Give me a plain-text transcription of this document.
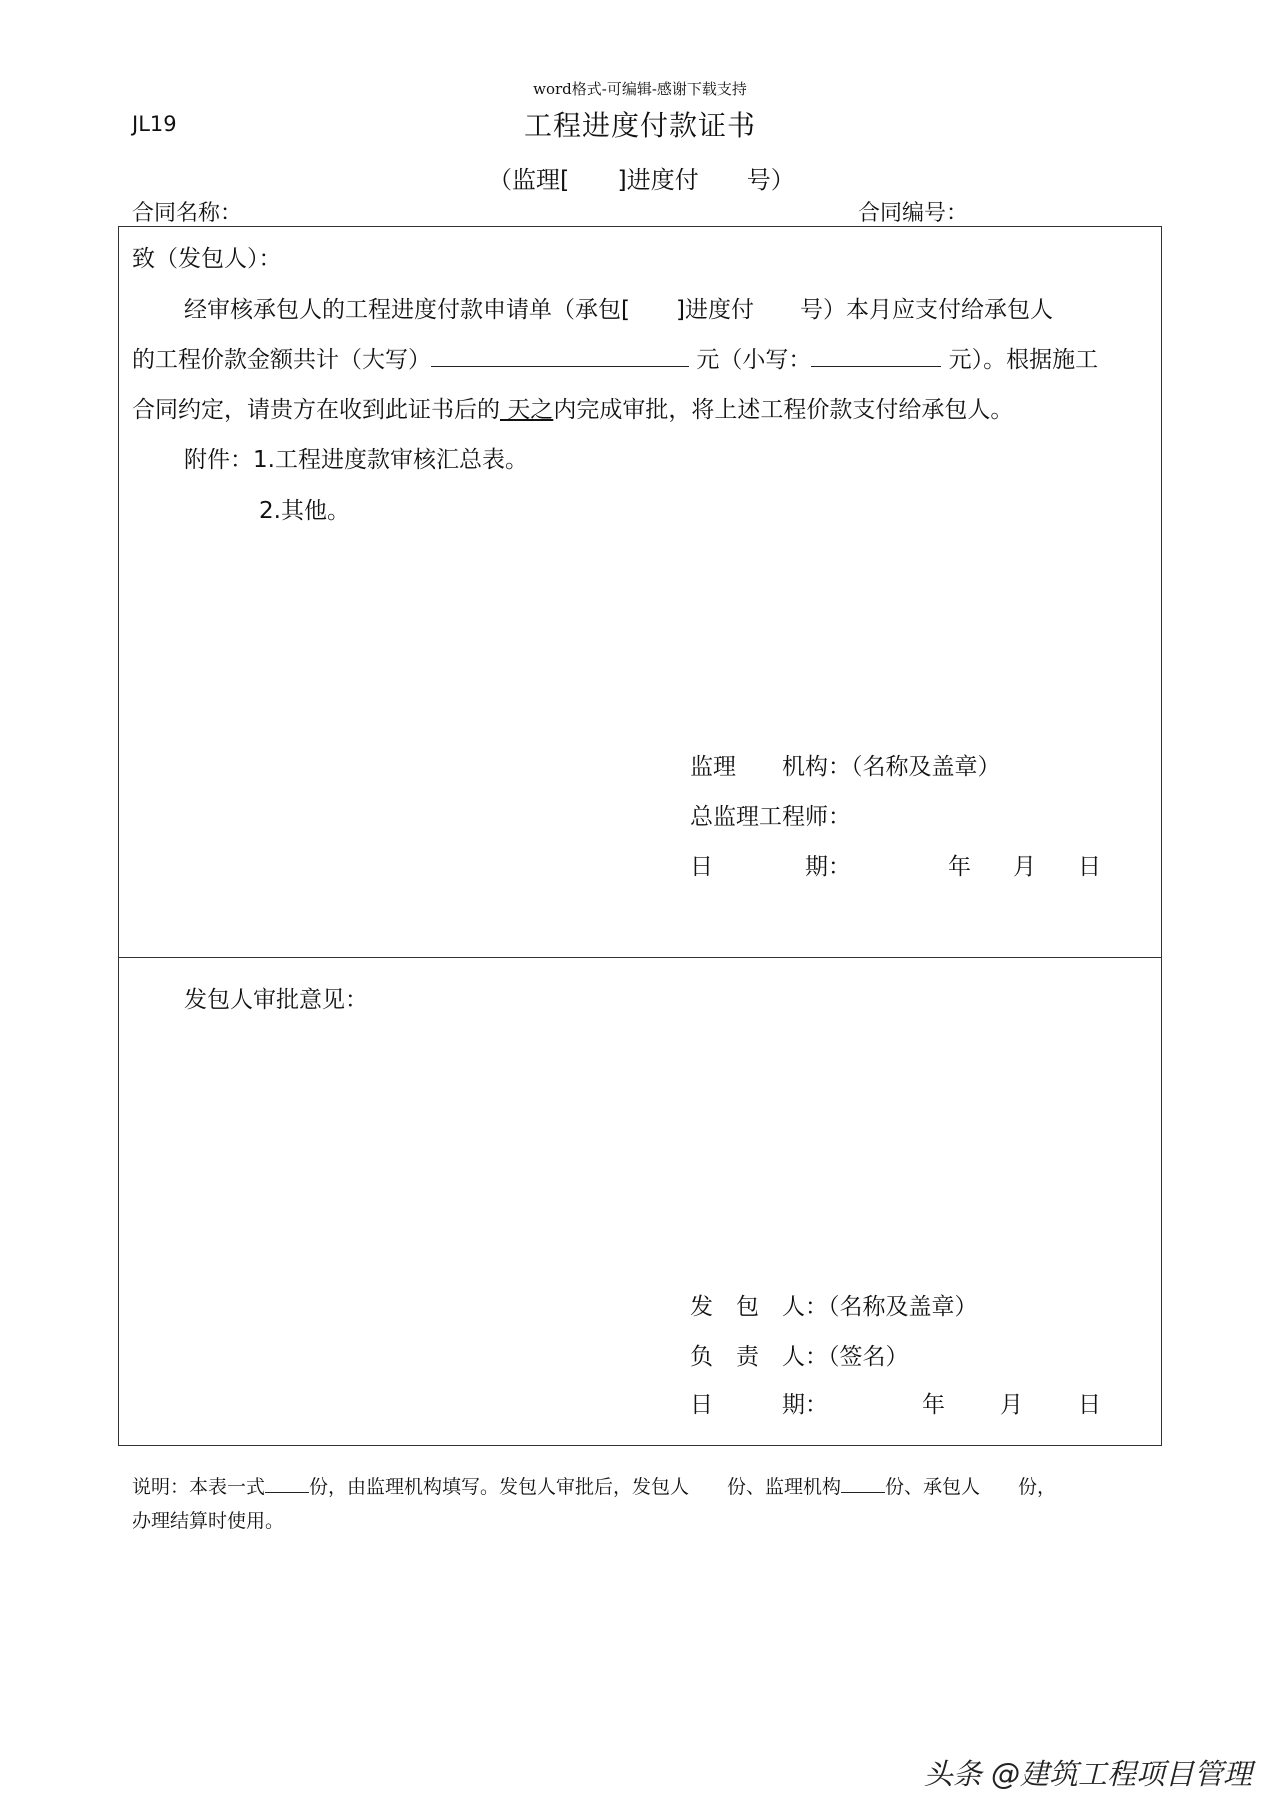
word格式-可编辑-感谢下载支持
JL19	工程进度付款证书
（监理[　　]进度付　　号）
合同名称：	合同编号：
致（发包人）：
经审核承包人的工程进度付款申请单（承包[　　]进度付　　号）本月应支付给承包人
的工程价款金额共计（大写）	元（小写：	元）。根据施工
合同约定，请贵方在收到此证书后的 天之内完成审批，将上述工程价款支付给承包人。
附件：1.工程进度款审核汇总表。
2.其他。
监理　　机构：（名称及盖章）
总监理工程师：
日　　　　期：	年 月 日
发包人审批意见：
发　包　人：（名称及盖章）
负　责　人：（签名）
日　　　期：	年 月 日
说明：本表一式 份，由监理机构填写。发包人审批后，发包人　　份、监理机构 份、承包人　　份，
办理结算时使用。
头条 @建筑工程项目管理
